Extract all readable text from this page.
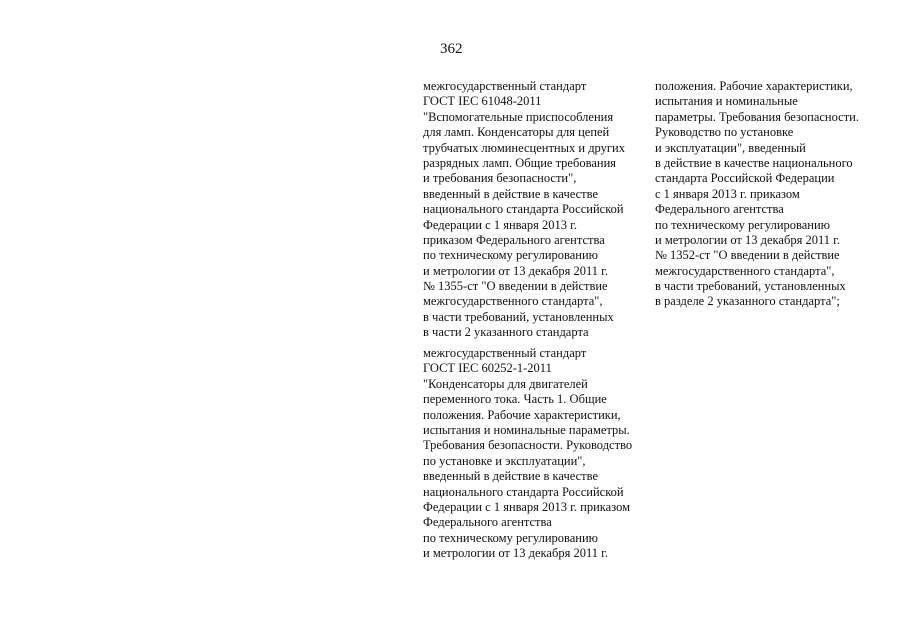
362
межгосударственный стандарт
ГОСТ IEC 61048-2011
"Вспомогательные приспособления
для ламп. Конденсаторы для цепей
трубчатых люминесцентных и других
разрядных ламп. Общие требования
и требования безопасности",
введенный в действие в качестве
национального стандарта Российской
Федерации с 1 января 2013 г.
приказом Федерального агентства
по техническому регулированию
и метрологии от 13 декабря 2011 г.
№ 1355-ст "О введении в действие
межгосударственного стандарта",
в части требований, установленных
в части 2 указанного стандарта
межгосударственный стандарт
ГОСТ IEC 60252-1-2011
"Конденсаторы для двигателей
переменного тока. Часть 1. Общие
положения. Рабочие характеристики,
испытания и номинальные параметры.
Требования безопасности. Руководство
по установке и эксплуатации",
введенный в действие в качестве
национального стандарта Российской
Федерации с 1 января 2013 г. приказом
Федерального агентства
по техническому регулированию
и метрологии от 13 декабря 2011 г.
положения. Рабочие характеристики,
испытания и номинальные
параметры. Требования безопасности.
Руководство по установке
и эксплуатации", введенный
в действие в качестве национального
стандарта Российской Федерации
с 1 января 2013 г. приказом
Федерального агентства
по техническому регулированию
и метрологии от 13 декабря 2011 г.
№ 1352-ст "О введении в действие
межгосударственного стандарта",
в части требований, установленных
в разделе 2 указанного стандарта";
